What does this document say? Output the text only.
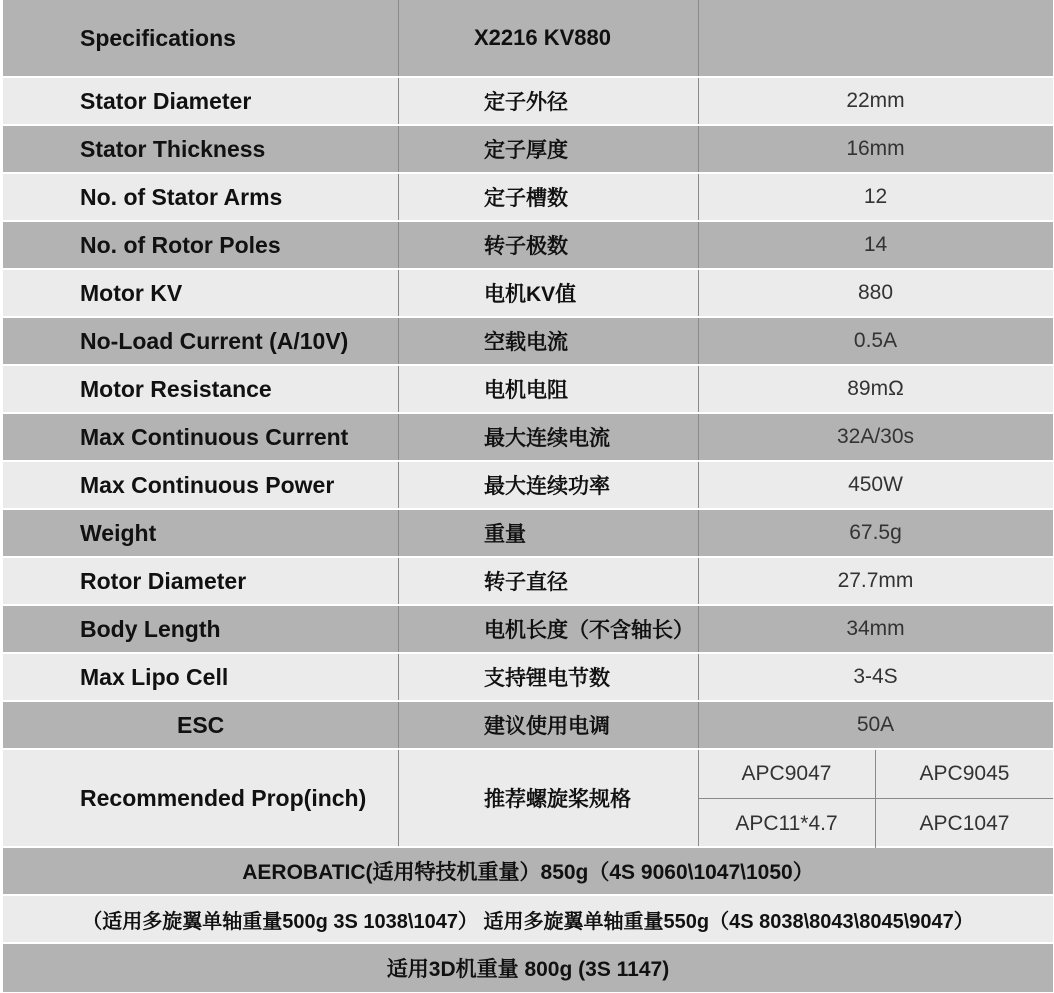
Specifications	X2216 KV880
Stator Diameter	定子外径	22mm
Stator Thickness	定子厚度	16mm
No. of Stator Arms	定子槽数	12
No. of Rotor Poles	转子极数	14
Motor KV	电机KV值	880
No-Load Current (A/10V)	空载电流	0.5A
Motor Resistance	电机电阻	89mΩ
Max Continuous Current	最大连续电流	32A/30s
Max Continuous Power	最大连续功率	450W
Weight	重量	67.5g
Rotor Diameter	转子直径	27.7mm
Body Length	电机长度（不含轴长）	34mm
Max Lipo Cell	支持锂电节数	3-4S
ESC	建议使用电调	50A
Recommended Prop(inch)	推荐螺旋桨规格
APC9047	APC9045
APC11*4.7	APC1047
AEROBATIC(适用特技机重量）850g（4S 9060\1047\1050）
（适用多旋翼单轴重量500g 3S 1038\1047） 适用多旋翼单轴重量550g（4S 8038\8043\8045\9047）
适用3D机重量 800g (3S 1147)
